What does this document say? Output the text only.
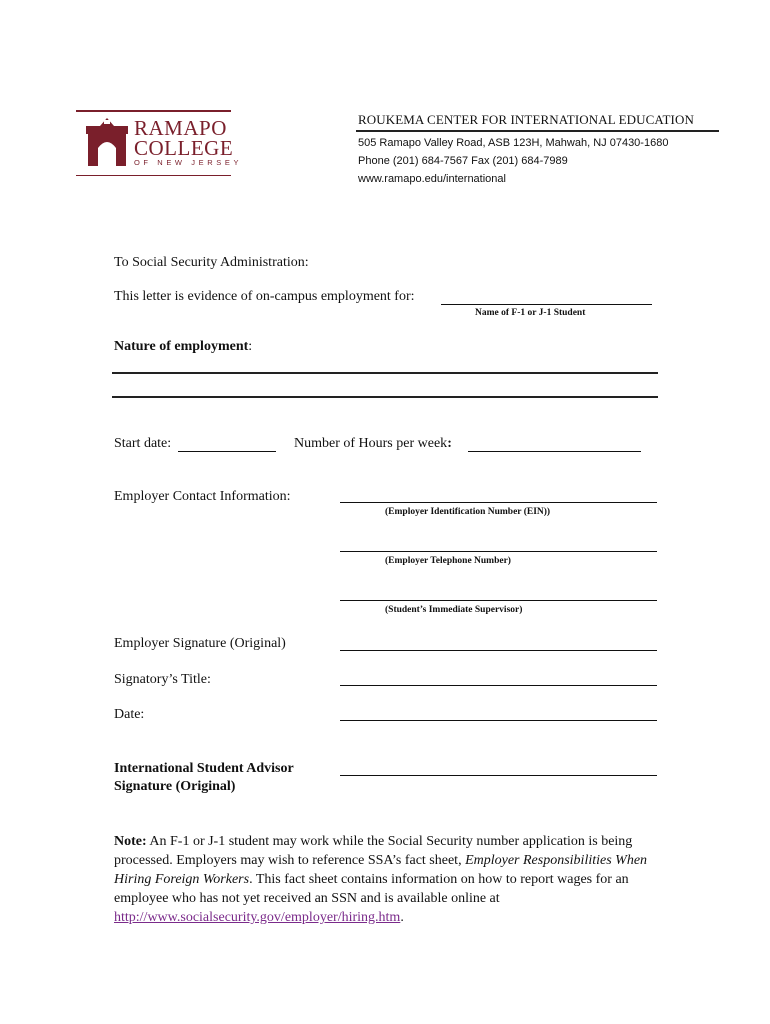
RAMAPO
COLLEGE
OF NEW JERSEY
ROUKEMA CENTER FOR INTERNATIONAL EDUCATION
505 Ramapo Valley Road, ASB 123H, Mahwah, NJ 07430-1680
Phone (201) 684-7567 Fax (201) 684-7989
www.ramapo.edu/international
To Social Security Administration:
This letter is evidence of on-campus employment for:
Name of F-1 or J-1 Student
Nature of employment:
Start date:	Number of Hours per week:
Employer Contact Information:
(Employer Identification Number (EIN))
(Employer Telephone Number)
(Student’s Immediate Supervisor)
Employer Signature (Original)
Signatory’s Title:
Date:
International Student Advisor
Signature (Original)
Note: An F-1 or J-1 student may work while the Social Security number application is being processed. Employers may wish to reference SSA’s fact sheet, Employer Responsibilities When Hiring Foreign Workers. This fact sheet contains information on how to report wages for an employee who has not yet received an SSN and is available online at http://www.socialsecurity.gov/employer/hiring.htm.
